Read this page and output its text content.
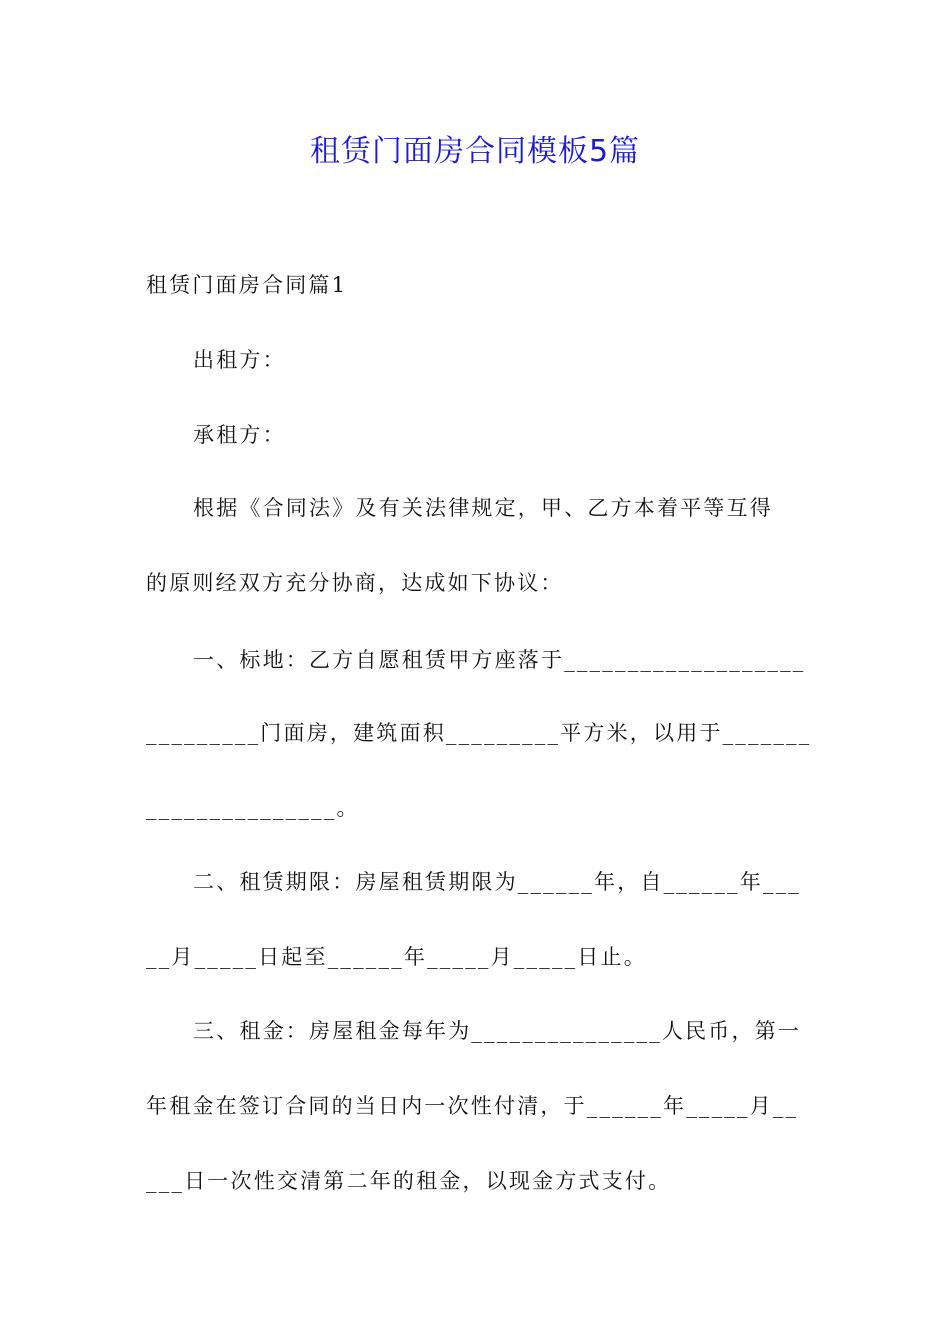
租赁门面房合同模板5篇
租赁门面房合同篇1
出租方：
承租方：
根据《合同法》及有关法律规定，甲、乙方本着平等互得
的原则经双方充分协商，达成如下协议：
一、标地：乙方自愿租赁甲方座落于___________________
_________门面房，建筑面积_________平方米，以用于_______
_______________。
二、租赁期限：房屋租赁期限为______年，自______年___
__月_____日起至______年_____月_____日止。
三、租金：房屋租金每年为_______________人民币，第一
年租金在签订合同的当日内一次性付清，于______年_____月__
___日一次性交清第二年的租金，以现金方式支付。
